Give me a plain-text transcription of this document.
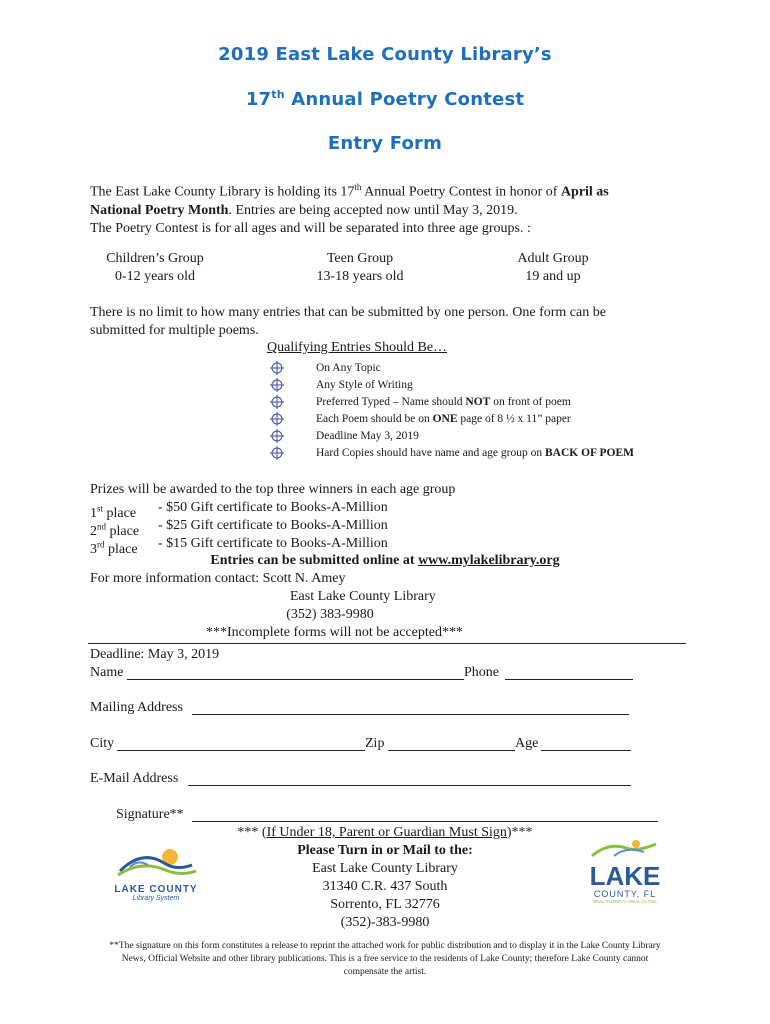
2019 East Lake County Library’s
17th Annual Poetry Contest
Entry Form
The East Lake County Library is holding its 17th Annual Poetry Contest in honor of April as
National Poetry Month. Entries are being accepted now until May 3, 2019.
The Poetry Contest is for all ages and will be separated into three age groups. :
Children’s Group
0-12 years old
Teen Group
13-18 years old
Adult Group
19 and up
There is no limit to how many entries that can be submitted by one person. One form can be
submitted for multiple poems.
Qualifying Entries Should Be…
On Any Topic
Any Style of Writing
Preferred Typed – Name should NOT on front of poem
Each Poem should be on ONE page of 8 ½ x 11” paper
Deadline May 3, 2019
Hard Copies should have name and age group on BACK OF POEM
Prizes will be awarded to the top three winners in each age group
1st place - $50 Gift certificate to Books-A-Million
2nd place - $25 Gift certificate to Books-A-Million
3rd place - $15 Gift certificate to Books-A-Million
Entries can be submitted online at www.mylakelibrary.org
For more information contact: Scott N. Amey
East Lake County Library
(352) 383-9980
***Incomplete forms will not be accepted***
Deadline: May 3, 2019
Name	Phone
Mailing Address
City	Zip	Age
E-Mail Address
Signature**
*** (If Under 18, Parent or Guardian Must Sign)***
Please Turn in or Mail to the:
East Lake County Library
31340 C.R. 437 South
Sorrento, FL 32776
(352)-383-9980
LAKE COUNTY
Library System
LAKE
COUNTY, FL
REAL FLORIDA • REAL CLOSE
**The signature on this form constitutes a release to reprint the attached work for public distribution and to display it in the Lake County Library
News, Official Website and other library publications. This is a free service to the residents of Lake County; therefore Lake County cannot
compensate the artist.
